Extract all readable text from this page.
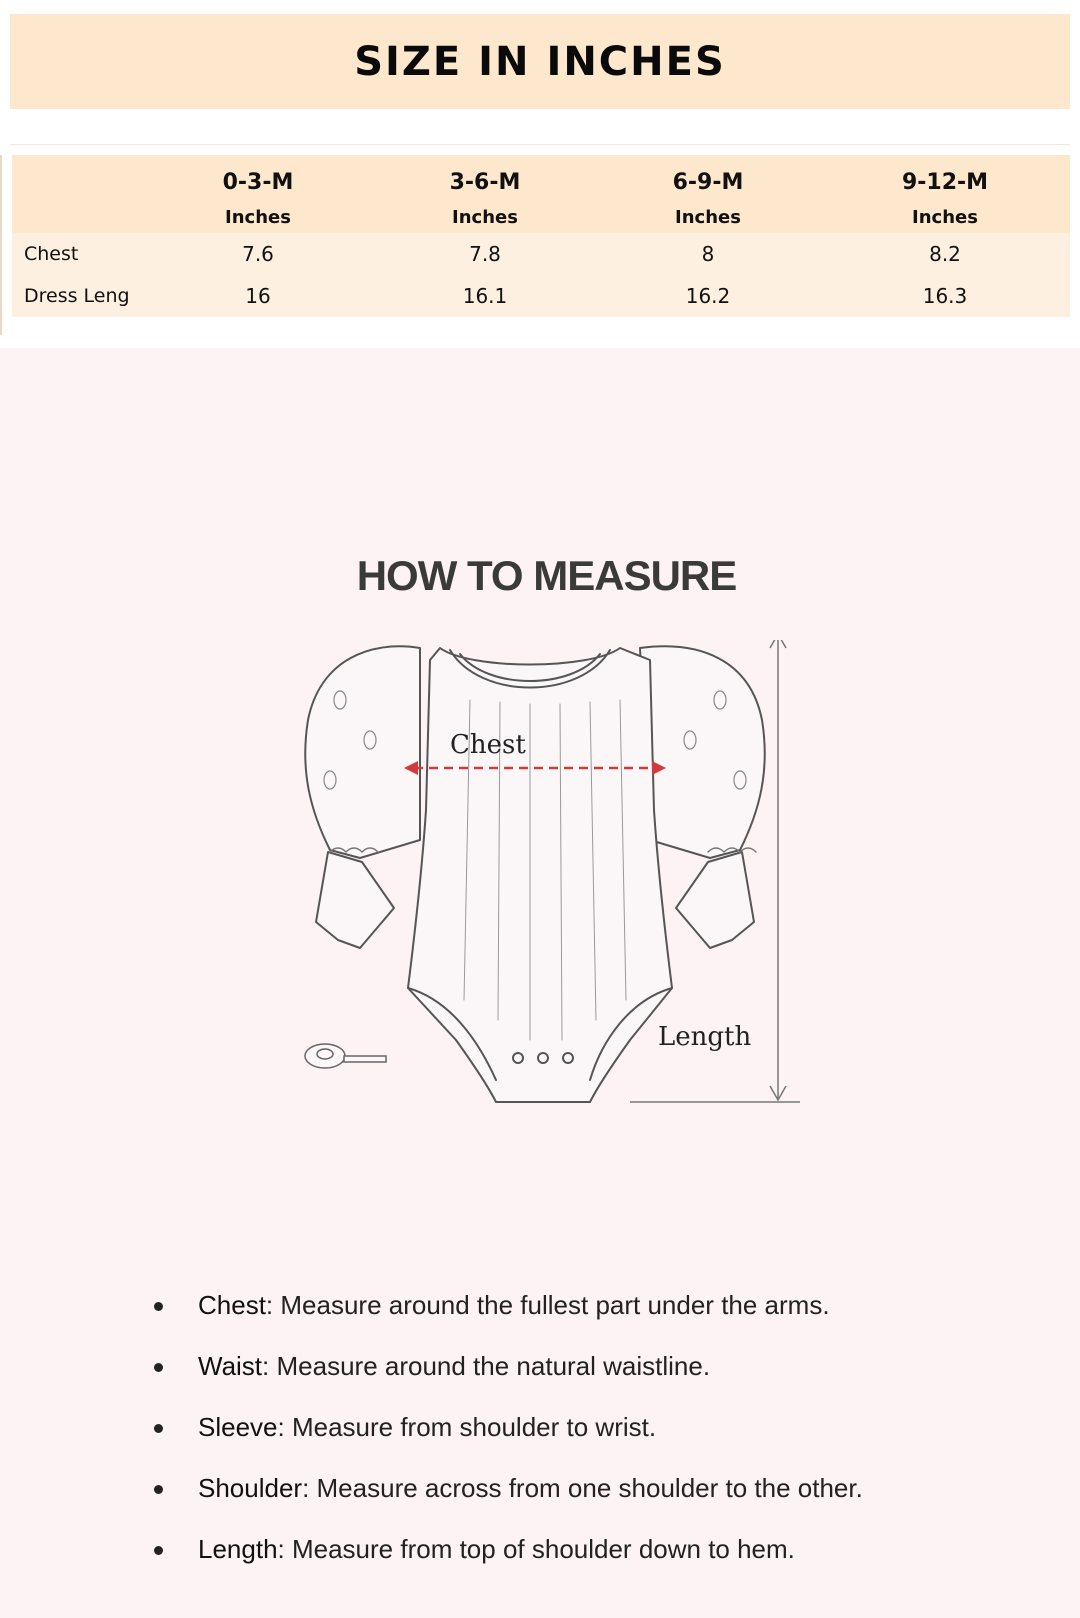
SIZE IN INCHES
	0-3-M	3-6-M	6-9-M	9-12-M
	Inches	Inches	Inches	Inches
Chest	7.6	7.8	8	8.2
Dress Leng	16	16.1	16.2	16.3
HOW TO MEASURE
Chest
Length
Chest: Measure around the fullest part under the arms.
Waist: Measure around the natural waistline.
Sleeve: Measure from shoulder to wrist.
Shoulder: Measure across from one shoulder to the other.
Length: Measure from top of shoulder down to hem.
